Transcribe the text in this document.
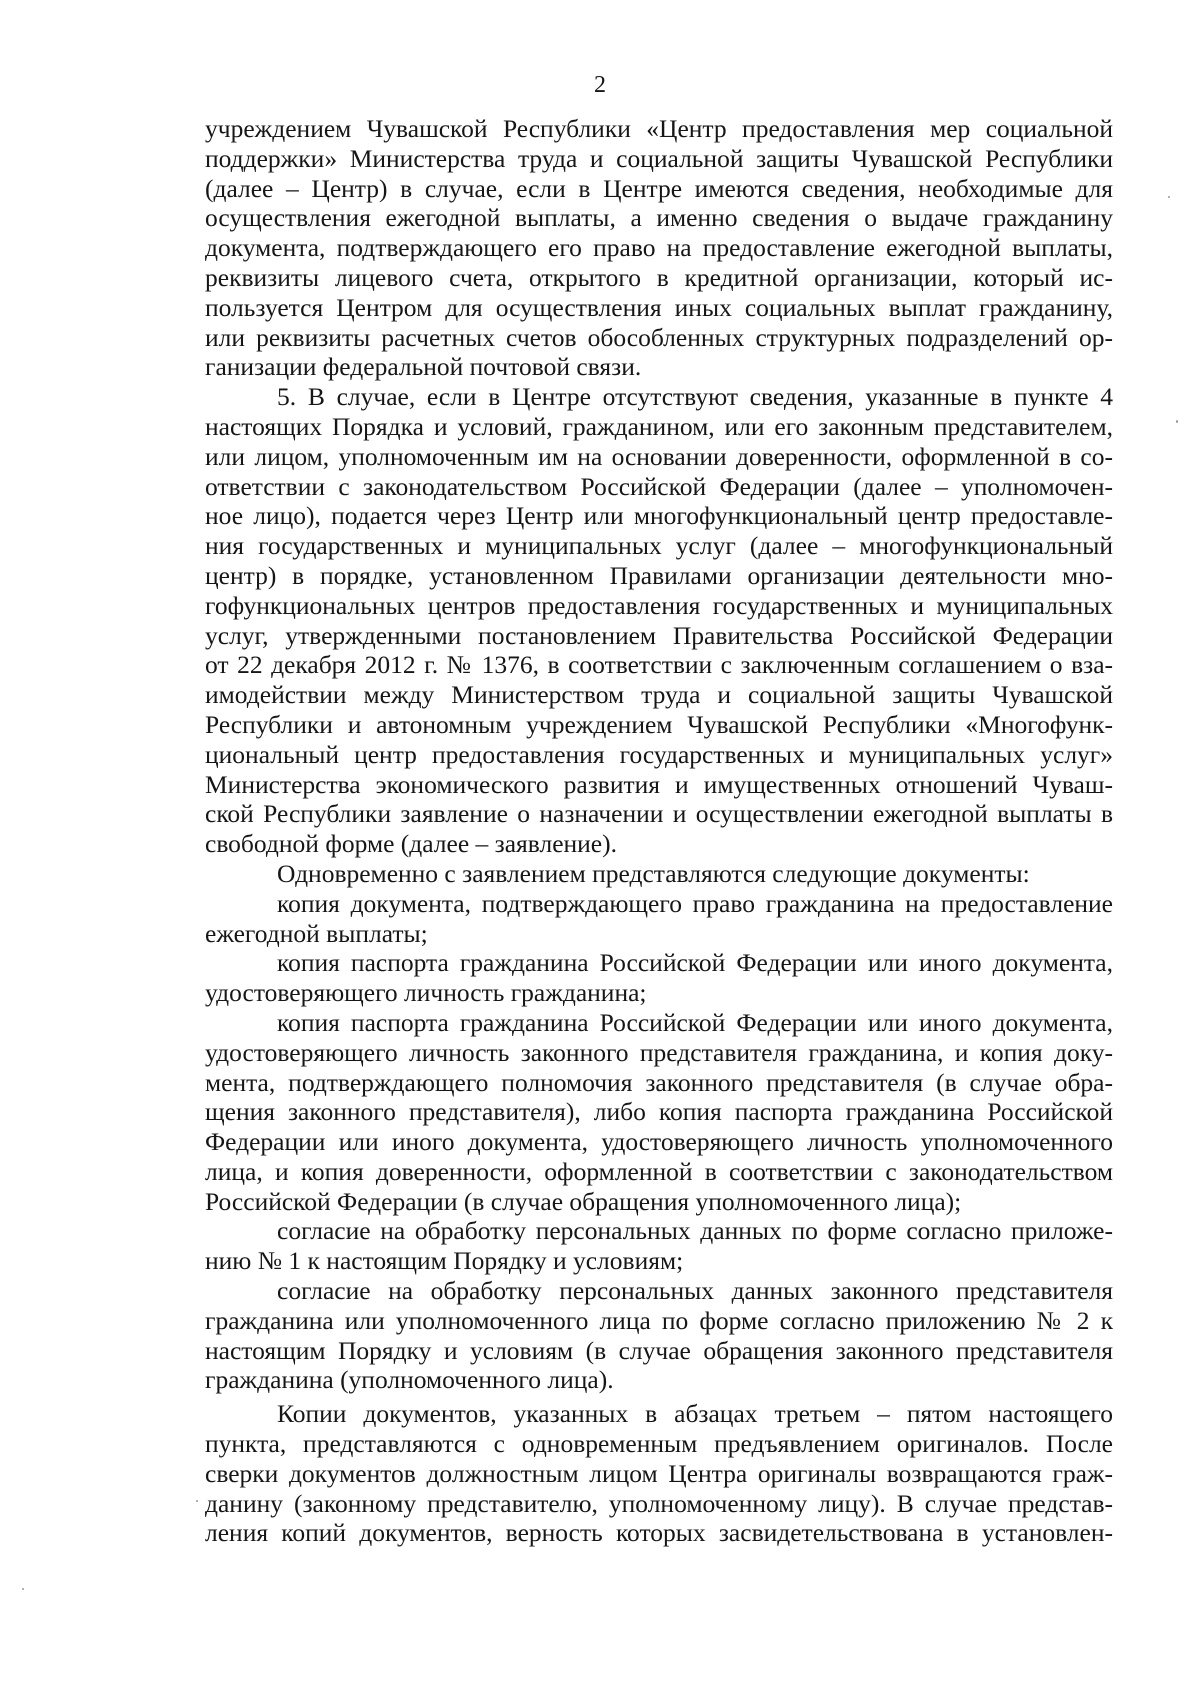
2

учреждением Чувашской Республики «Центр предоставления мер социальной

поддержки» Министерства труда и социальной защиты Чувашской Республики

(далее – Центр) в случае, если в Центре имеются сведения, необходимые для

осуществления ежегодной выплаты, а именно сведения о выдаче гражданину

документа, подтверждающего его право на предоставление ежегодной выплаты,

реквизиты лицевого счета, открытого в кредитной организации, который ис-

пользуется Центром для осуществления иных социальных выплат гражданину,

или реквизиты расчетных счетов обособленных структурных подразделений ор-

ганизации федеральной почтовой связи.

5. В случае, если в Центре отсутствуют сведения, указанные в пункте 4

настоящих Порядка и условий, гражданином, или его законным представителем,

или лицом, уполномоченным им на основании доверенности, оформленной в со-

ответствии с законодательством Российской Федерации (далее – уполномочен-

ное лицо), подается через Центр или многофункциональный центр предоставле-

ния государственных и муниципальных услуг (далее – многофункциональный

центр) в порядке, установленном Правилами организации деятельности мно-

гофункциональных центров предоставления государственных и муниципальных

услуг, утвержденными постановлением Правительства Российской Федерации

от 22 декабря 2012 г. № 1376, в соответствии с заключенным соглашением о вза-

имодействии между Министерством труда и социальной защиты Чувашской

Республики и автономным учреждением Чувашской Республики «Многофунк-

циональный центр предоставления государственных и муниципальных услуг»

Министерства экономического развития и имущественных отношений Чуваш-

ской Республики заявление о назначении и осуществлении ежегодной выплаты в

свободной форме (далее – заявление).

Одновременно с заявлением представляются следующие документы:

копия документа, подтверждающего право гражданина на предоставление

ежегодной выплаты;

копия паспорта гражданина Российской Федерации или иного документа,

удостоверяющего личность гражданина;

копия паспорта гражданина Российской Федерации или иного документа,

удостоверяющего личность законного представителя гражданина, и копия доку-

мента, подтверждающего полномочия законного представителя (в случае обра-

щения законного представителя), либо копия паспорта гражданина Российской

Федерации или иного документа, удостоверяющего личность уполномоченного

лица, и копия доверенности, оформленной в соответствии с законодательством

Российской Федерации (в случае обращения уполномоченного лица);

согласие на обработку персональных данных по форме согласно приложе-

нию № 1 к настоящим Порядку и условиям;

согласие на обработку персональных данных законного представителя

гражданина или уполномоченного лица по форме согласно приложению № 2 к

настоящим Порядку и условиям (в случае обращения законного представителя

гражданина (уполномоченного лица).

Копии документов, указанных в абзацах третьем – пятом настоящего

пункта, представляются с одновременным предъявлением оригиналов. После

сверки документов должностным лицом Центра оригиналы возвращаются граж-

данину (законному представителю, уполномоченному лицу). В случае представ-

ления копий документов, верность которых засвидетельствована в установлен-
